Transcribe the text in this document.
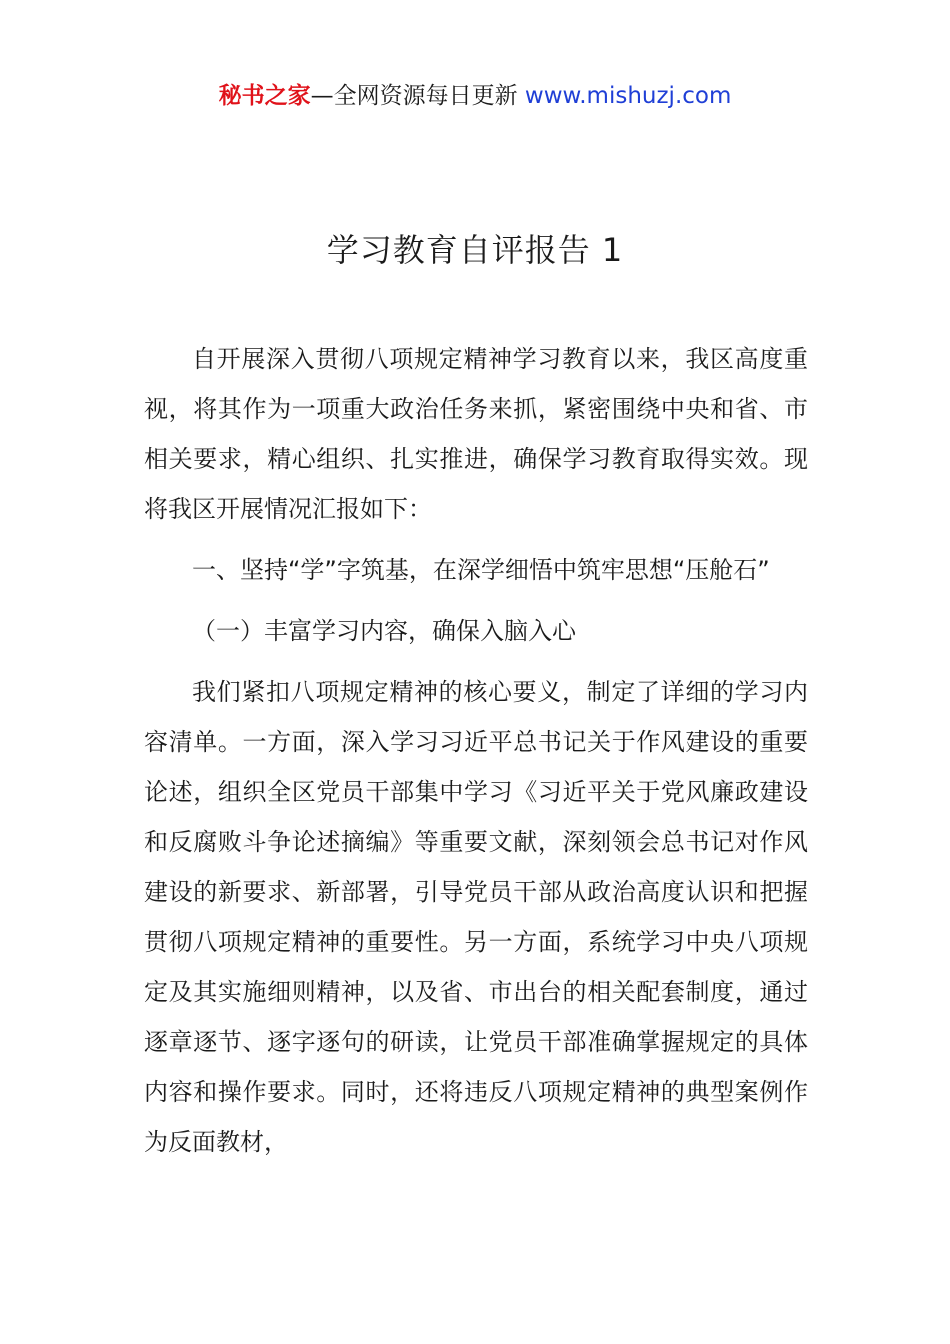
秘书之家—全网资源每日更新 www.mishuzj.com
学习教育自评报告 1

自开展深入贯彻八项规定精神学习教育以来，我区高度重视，将其作为一项重大政治任务来抓，紧密围绕中央和省、市相关要求，精心组织、扎实推进，确保学习教育取得实效。现将我区开展情况汇报如下：

一、坚持“学”字筑基，在深学细悟中筑牢思想“压舱石”

（一）丰富学习内容，确保入脑入心

我们紧扣八项规定精神的核心要义，制定了详细的学习内容清单。一方面，深入学习习近平总书记关于作风建设的重要论述，组织全区党员干部集中学习《习近平关于党风廉政建设和反腐败斗争论述摘编》等重要文献，深刻领会总书记对作风建设的新要求、新部署，引导党员干部从政治高度认识和把握贯彻八项规定精神的重要性。另一方面，系统学习中央八项规定及其实施细则精神，以及省、市出台的相关配套制度，通过逐章逐节、逐字逐句的研读，让党员干部准确掌握规定的具体内容和操作要求。同时，还将违反八项规定精神的典型案例作为反面教材，
